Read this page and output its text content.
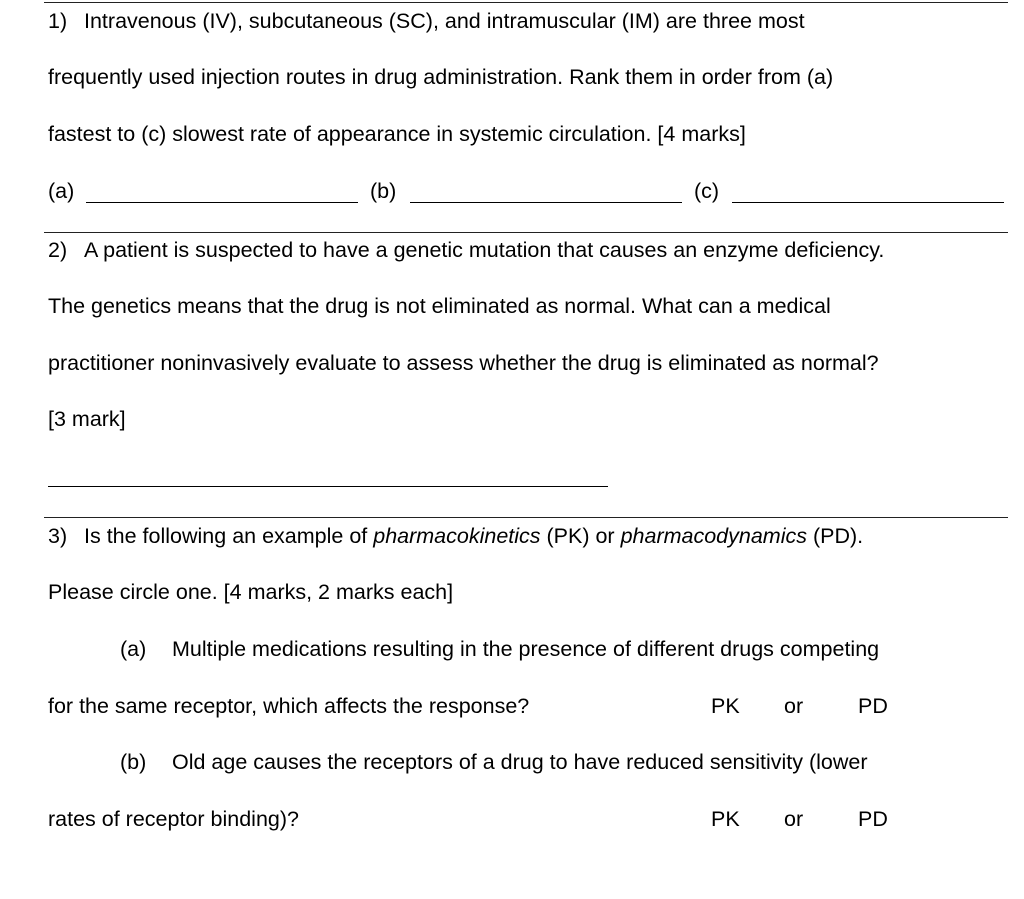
1) Intravenous (IV), subcutaneous (SC), and intramuscular (IM) are three most
frequently used injection routes in drug administration. Rank them in order from (a)
fastest to (c) slowest rate of appearance in systemic circulation. [4 marks]
(a)	(b)	(c)
2) A patient is suspected to have a genetic mutation that causes an enzyme deficiency.
The genetics means that the drug is not eliminated as normal. What can a medical
practitioner noninvasively evaluate to assess whether the drug is eliminated as normal?
[3 mark]
3) Is the following an example of pharmacokinetics (PK) or pharmacodynamics (PD).
Please circle one. [4 marks, 2 marks each]
(a) Multiple medications resulting in the presence of different drugs competing
for the same receptor, which affects the response?	PK or	PD
(b) Old age causes the receptors of a drug to have reduced sensitivity (lower
rates of receptor binding)?	PK or	PD
